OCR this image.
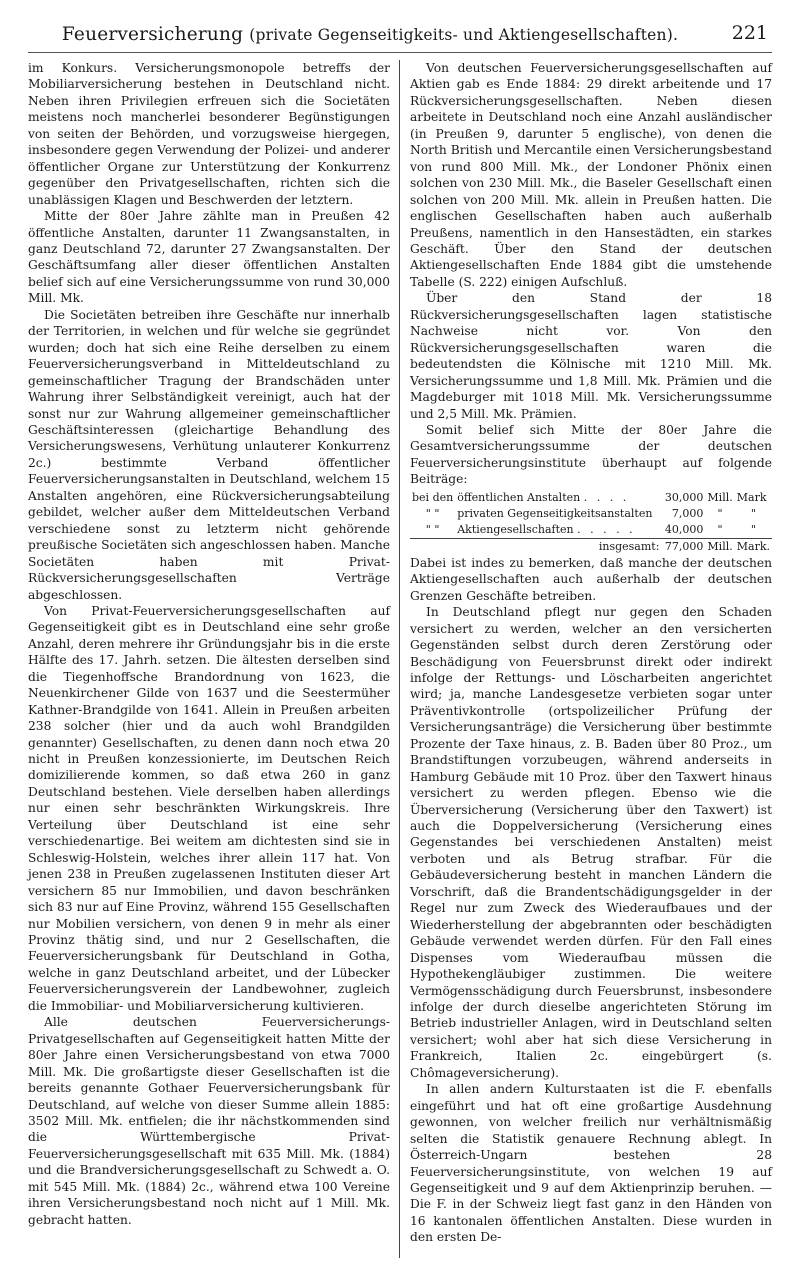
Feuerversicherung (private Gegenseitigkeits- und Aktiengesellschaften).	221

im Konkurs. Versicherungsmonopole betreffs der Mobiliarversicherung bestehen in Deutschland nicht. Neben ihren Privilegien erfreuen sich die Societäten meistens noch mancherlei besonderer Begünstigungen von seiten der Behörden, und vorzugsweise hiergegen, insbesondere gegen Verwendung der Polizei- und anderer öffentlicher Organe zur Unterstützung der Konkurrenz gegenüber den Privatgesellschaften, richten sich die unablässigen Klagen und Beschwerden der letztern.

Mitte der 80er Jahre zählte man in Preußen 42 öffentliche Anstalten, darunter 11 Zwangsanstalten, in ganz Deutschland 72, darunter 27 Zwangsanstalten. Der Geschäftsumfang aller dieser öffentlichen Anstalten belief sich auf eine Versicherungssumme von rund 30,000 Mill. Mk.

Die Societäten betreiben ihre Geschäfte nur innerhalb der Territorien, in welchen und für welche sie gegründet wurden; doch hat sich eine Reihe derselben zu einem Feuerversicherungsverband in Mitteldeutschland zu gemeinschaftlicher Tragung der Brandschäden unter Wahrung ihrer Selbständigkeit vereinigt, auch hat der sonst nur zur Wahrung allgemeiner gemeinschaftlicher Geschäftsinteressen (gleichartige Behandlung des Versicherungswesens, Verhütung unlauterer Konkurrenz 2c.) bestimmte Verband öffentlicher Feuerversicherungsanstalten in Deutschland, welchem 15 Anstalten angehören, eine Rückversicherungsabteilung gebildet, welcher außer dem Mitteldeutschen Verband verschiedene sonst zu letzterm nicht gehörende preußische Societäten sich angeschlossen haben. Manche Societäten haben mit Privat-Rückversicherungsgesellschaften Verträge abgeschlossen.

Von Privat-Feuerversicherungsgesellschaften auf Gegenseitigkeit gibt es in Deutschland eine sehr große Anzahl, deren mehrere ihr Gründungsjahr bis in die erste Hälfte des 17. Jahrh. setzen. Die ältesten derselben sind die Tiegenhoffsche Brandordnung von 1623, die Neuenkirchener Gilde von 1637 und die Seestermüher Kathner-Brandgilde von 1641. Allein in Preußen arbeiten 238 solcher (hier und da auch wohl Brandgilden genannter) Gesellschaften, zu denen dann noch etwa 20 nicht in Preußen konzessionierte, im Deutschen Reich domizilierende kommen, so daß etwa 260 in ganz Deutschland bestehen. Viele derselben haben allerdings nur einen sehr beschränkten Wirkungskreis. Ihre Verteilung über Deutschland ist eine sehr verschiedenartige. Bei weitem am dichtesten sind sie in Schleswig-Holstein, welches ihrer allein 117 hat. Von jenen 238 in Preußen zugelassenen Instituten dieser Art versichern 85 nur Immobilien, und davon beschränken sich 83 nur auf Eine Provinz, während 155 Gesellschaften nur Mobilien versichern, von denen 9 in mehr als einer Provinz thätig sind, und nur 2 Gesellschaften, die Feuerversicherungsbank für Deutschland in Gotha, welche in ganz Deutschland arbeitet, und der Lübecker Feuerversicherungsverein der Landbewohner, zugleich die Immobiliar- und Mobiliarversicherung kultivieren.

Alle deutschen Feuerversicherungs-Privatgesellschaften auf Gegenseitigkeit hatten Mitte der 80er Jahre einen Versicherungsbestand von etwa 7000 Mill. Mk. Die großartigste dieser Gesellschaften ist die bereits genannte Gothaer Feuerversicherungsbank für Deutschland, auf welche von dieser Summe allein 1885: 3502 Mill. Mk. entfielen; die ihr nächstkommenden sind die Württembergische Privat-Feuerversicherungsgesellschaft mit 635 Mill. Mk. (1884) und die Brandversicherungsgesellschaft zu Schwedt a. O. mit 545 Mill. Mk. (1884) 2c., während etwa 100 Vereine ihren Versicherungsbestand noch nicht auf 1 Mill. Mk. gebracht hatten.

Von deutschen Feuerversicherungsgesellschaften auf Aktien gab es Ende 1884: 29 direkt arbeitende und 17 Rückversicherungsgesellschaften. Neben diesen arbeitete in Deutschland noch eine Anzahl ausländischer (in Preußen 9, darunter 5 englische), von denen die North British und Mercantile einen Versicherungsbestand von rund 800 Mill. Mk., der Londoner Phönix einen solchen von 230 Mill. Mk., die Baseler Gesellschaft einen solchen von 200 Mill. Mk. allein in Preußen hatten. Die englischen Gesellschaften haben auch außerhalb Preußens, namentlich in den Hansestädten, ein starkes Geschäft. Über den Stand der deutschen Aktiengesellschaften Ende 1884 gibt die umstehende Tabelle (S. 222) einigen Aufschluß.

Über den Stand der 18 Rückversicherungsgesellschaften lagen statistische Nachweise nicht vor. Von den Rückversicherungsgesellschaften waren die bedeutendsten die Kölnische mit 1210 Mill. Mk. Versicherungssumme und 1,8 Mill. Mk. Prämien und die Magdeburger mit 1018 Mill. Mk. Versicherungssumme und 2,5 Mill. Mk. Prämien.

Somit belief sich Mitte der 80er Jahre die Gesamtversicherungssumme der deutschen Feuerversicherungsinstitute überhaupt auf folgende Beiträge:

bei den	öffentlichen Anstalten . . . .	30,000	Mill.	Mark
" "	privaten Gegenseitigkeitsanstalten	7,000	"	"
" "	Aktiengesellschaften . . . . .	40,000	"	"
	insgesamt:	77,000	Mill.	Mark.

Dabei ist indes zu bemerken, daß manche der deutschen Aktiengesellschaften auch außerhalb der deutschen Grenzen Geschäfte betreiben.

In Deutschland pflegt nur gegen den Schaden versichert zu werden, welcher an den versicherten Gegenständen selbst durch deren Zerstörung oder Beschädigung von Feuersbrunst direkt oder indirekt infolge der Rettungs- und Löscharbeiten angerichtet wird; ja, manche Landesgesetze verbieten sogar unter Präventivkontrolle (ortspolizeilicher Prüfung der Versicherungsanträge) die Versicherung über bestimmte Prozente der Taxe hinaus, z. B. Baden über 80 Proz., um Brandstiftungen vorzubeugen, während anderseits in Hamburg Gebäude mit 10 Proz. über den Taxwert hinaus versichert zu werden pflegen. Ebenso wie die Überversicherung (Versicherung über den Taxwert) ist auch die Doppelversicherung (Versicherung eines Gegenstandes bei verschiedenen Anstalten) meist verboten und als Betrug strafbar. Für die Gebäudeversicherung besteht in manchen Ländern die Vorschrift, daß die Brandentschädigungsgelder in der Regel nur zum Zweck des Wiederaufbaues und der Wiederherstellung der abgebrannten oder beschädigten Gebäude verwendet werden dürfen. Für den Fall eines Dispenses vom Wiederaufbau müssen die Hypothekengläubiger zustimmen. Die weitere Vermögensschädigung durch Feuersbrunst, insbesondere infolge der durch dieselbe angerichteten Störung im Betrieb industrieller Anlagen, wird in Deutschland selten versichert; wohl aber hat sich diese Versicherung in Frankreich, Italien 2c. eingebürgert (s. Chômageversicherung).

In allen andern Kulturstaaten ist die F. ebenfalls eingeführt und hat oft eine großartige Ausdehnung gewonnen, von welcher freilich nur verhältnismäßig selten die Statistik genauere Rechnung ablegt. In Österreich-Ungarn bestehen 28 Feuerversicherungsinstitute, von welchen 19 auf Gegenseitigkeit und 9 auf dem Aktienprinzip beruhen. — Die F. in der Schweiz liegt fast ganz in den Händen von 16 kantonalen öffentlichen Anstalten. Diese wurden in den ersten De-
